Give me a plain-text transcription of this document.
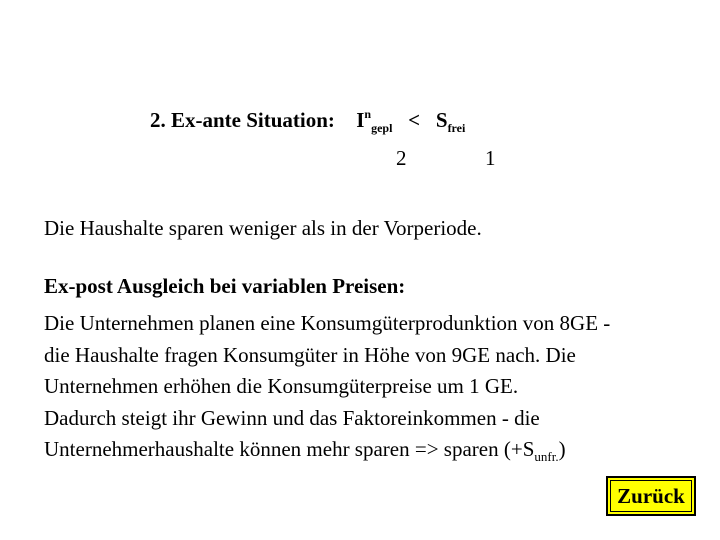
2. Ex-ante Situation: $I^n_{gepl} < S_{frei}$
2	1
Die Haushalte sparen weniger als in der Vorperiode.
Ex-post Ausgleich bei variablen Preisen:
Die Unternehmen planen eine Konsumgüterprodunktion von 8GE -
die Haushalte fragen Konsumgüter in Höhe von 9GE nach. Die
Unternehmen erhöhen die Konsumgüterpreise um 1 GE.
Dadurch steigt ihr Gewinn und das Faktoreinkommen - die
Unternehmerhaushalte können mehr sparen => sparen $(+S_{unfr.})$
Zurück
